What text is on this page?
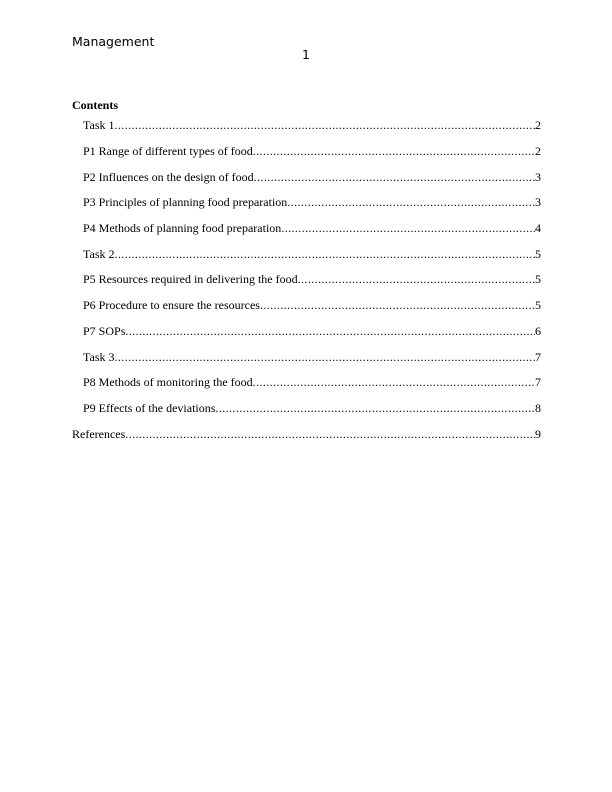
Management
1
Contents
Task 1 .....	2
P1 Range of different types of food .....	2
P2 Influences on the design of food .....	3
P3 Principles of planning food preparation .....	3
P4 Methods of planning food preparation .....	4
Task 2 .....	5
P5 Resources required in delivering the food .....	5
P6 Procedure to ensure the resources .....	5
P7 SOPs .....	6
Task 3 .....	7
P8 Methods of monitoring the food .....	7
P9 Effects of the deviations .....	8
References .....	9
